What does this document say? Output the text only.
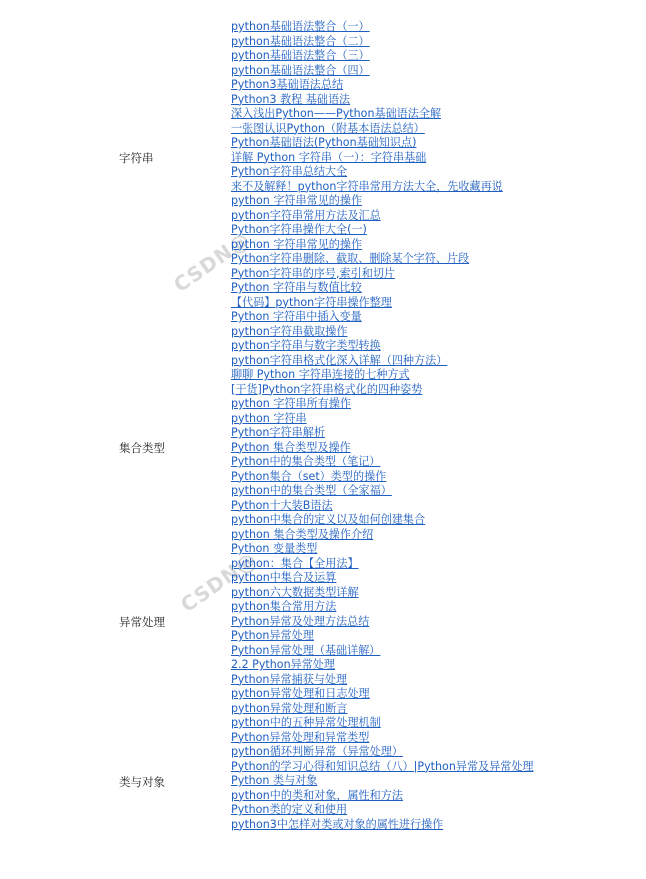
CSDN@
CSDN@
字符串
集合类型
异常处理
类与对象
python基础语法整合（一）
python基础语法整合（二）
python基础语法整合（三）
python基础语法整合（四）
Python3基础语法总结
Python3 教程 基础语法
深入浅出Python——Python基础语法全解
一张图认识Python（附基本语法总结）
Python基础语法(Python基础知识点)
详解 Python 字符串（一）：字符串基础
Python字符串总结大全
来不及解释！python字符串常用方法大全，先收藏再说
python 字符串常见的操作
python字符串常用方法及汇总
Python字符串操作大全(一)
python 字符串常见的操作
Python字符串删除、截取、删除某个字符、片段
Python字符串的序号,索引和切片
Python 字符串与数值比较
【代码】python字符串操作整理
Python 字符串中插入变量
python字符串截取操作
python字符串与数字类型转换
python字符串格式化深入详解（四种方法）
聊聊 Python 字符串连接的七种方式
[干货]Python字符串格式化的四种姿势
python 字符串所有操作
python 字符串
Python字符串解析
Python 集合类型及操作
Python中的集合类型（笔记）
Python集合（set）类型的操作
python中的集合类型（全家福）
Python十大装B语法
python中集合的定义以及如何创建集合
python 集合类型及操作介绍
Python 变量类型
python：集合【全用法】
python中集合及运算
python六大数据类型详解
python集合常用方法
Python异常及处理方法总结
Python异常处理
Python异常处理（基础详解）
2.2 Python异常处理
Python异常捕获与处理
python异常处理和日志处理
python异常处理和断言
python中的五种异常处理机制
Python异常处理和异常类型
python循环判断异常（异常处理）
Python的学习心得和知识总结（八）|Python异常及异常处理
Python 类与对象
python中的类和对象，属性和方法
Python类的定义和使用
python3中怎样对类或对象的属性进行操作
